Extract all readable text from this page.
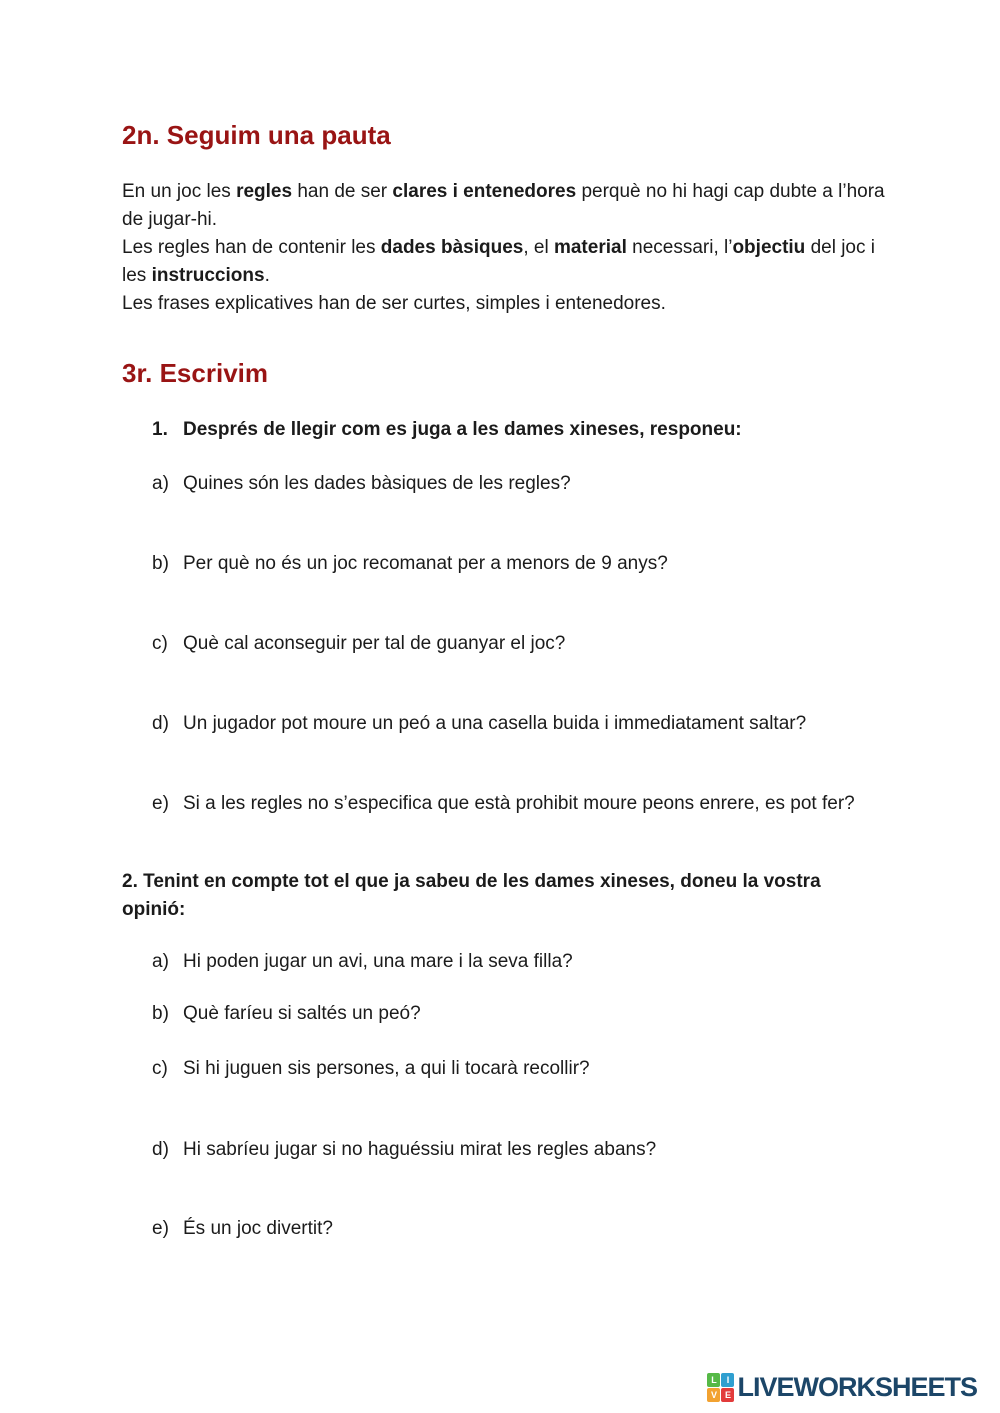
2n. Seguim una pauta

En un joc les regles han de ser clares i entenedores perquè no hi hagi cap dubte a l’hora de jugar-hi.

Les regles han de contenir les dades bàsiques, el material necessari, l’objectiu del joc i les instruccions.

Les frases explicatives han de ser curtes, simples i entenedores.

3r. Escrivim
1. Després de llegir com es juga a les dames xineses, responeu:
a) Quines són les dades bàsiques de les regles?
b) Per què no és un joc recomanat per a menors de 9 anys?
c) Què cal aconseguir per tal de guanyar el joc?
d) Un jugador pot moure un peó a una casella buida i immediatament saltar?
e) Si a les regles no s’especifica que està prohibit moure peons enrere, es pot fer?

2. Tenint en compte tot el que ja sabeu de les dames xineses, doneu la vostra opinió:

a) Hi poden jugar un avi, una mare i la seva filla?
b) Què faríeu si saltés un peó?
c) Si hi juguen sis persones, a qui li tocarà recollir?
d) Hi sabríeu jugar si no haguéssiu mirat les regles abans?
e) És un joc divertit?
L	I
V E LIVEWORKSHEETS
